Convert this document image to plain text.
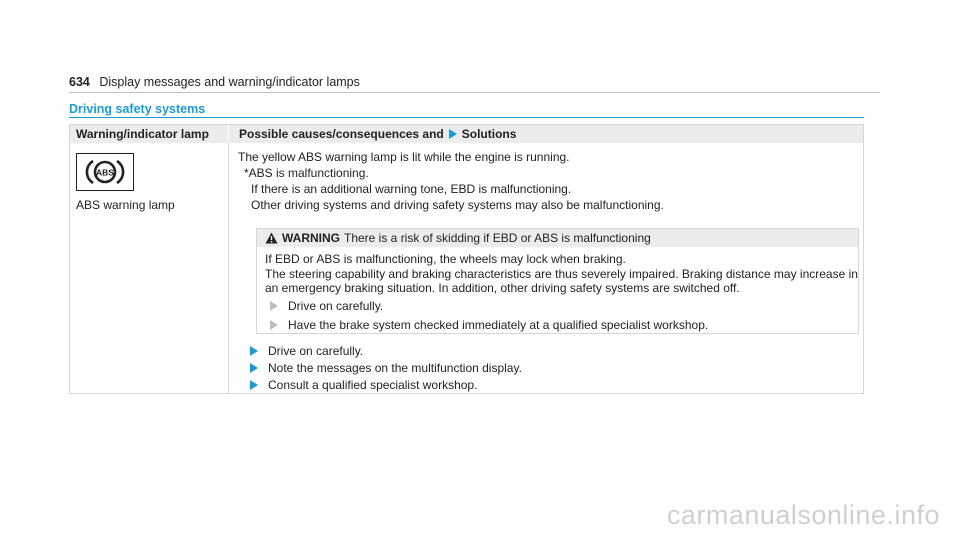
634 Display messages and warning/indicator lamps
Driving safety systems
Warning/indicator lamp	Possible causes/consequences and Solutions
ABS
ABS warning lamp
The yellow ABS warning lamp is lit while the engine is running.
*ABS is malfunctioning.
If there is an additional warning tone, EBD is malfunctioning.
Other driving systems and driving safety systems may also be malfunctioning.
WARNING There is a risk of skidding if EBD or ABS is malfunctioning
If EBD or ABS is malfunctioning, the wheels may lock when braking.
The steering capability and braking characteristics are thus severely impaired. Braking distance may increase in
an emergency braking situation. In addition, other driving safety systems are switched off.
Drive on carefully.
Have the brake system checked immediately at a qualified specialist workshop.
Drive on carefully.
Note the messages on the multifunction display.
Consult a qualified specialist workshop.
carmanualsonline.info
